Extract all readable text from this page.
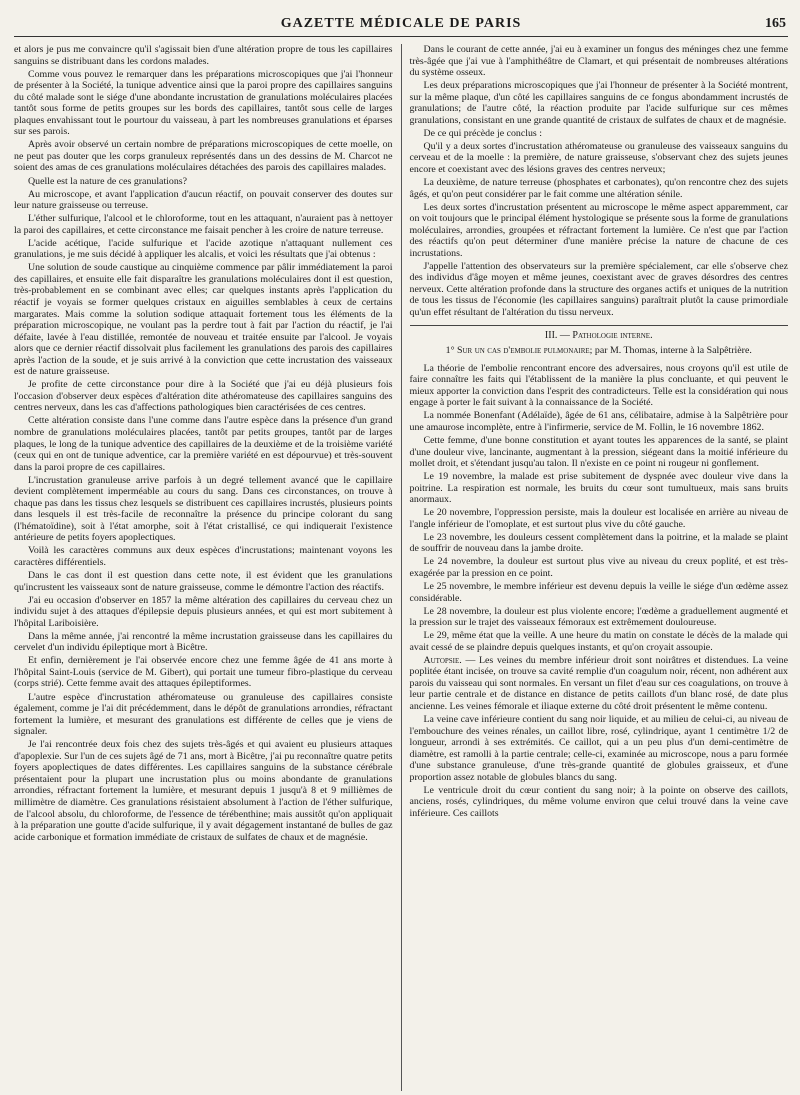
GAZETTE MÉDICALE DE PARIS	165

et alors je pus me convaincre qu'il s'agissait bien d'une altération propre de tous les capillaires sanguins se distribuant dans les cordons malades.

Comme vous pouvez le remarquer dans les préparations microscopiques que j'ai l'honneur de présenter à la Société, la tunique adventice ainsi que la paroi propre des capillaires sanguins du côté malade sont le siége d'une abondante incrustation de granulations moléculaires placées tantôt sous forme de petits groupes sur les bords des capillaires, tantôt sous celle de larges plaques envahissant tout le pourtour du vaisseau, à part les nombreuses granulations et éparses sur ses parois.

Après avoir observé un certain nombre de préparations microscopiques de cette moelle, on ne peut pas douter que les corps granuleux représentés dans un des dessins de M. Charcot ne soient des amas de ces granulations moléculaires détachées des parois des capillaires malades.

Quelle est la nature de ces granulations?

Au microscope, et avant l'application d'aucun réactif, on pouvait conserver des doutes sur leur nature graisseuse ou terreuse.

L'éther sulfurique, l'alcool et le chloroforme, tout en les attaquant, n'auraient pas à nettoyer la paroi des capillaires, et cette circonstance me faisait pencher à les croire de nature terreuse.

L'acide acétique, l'acide sulfurique et l'acide azotique n'attaquant nullement ces granulations, je me suis décidé à appliquer les alcalis, et voici les résultats que j'ai obtenus :

Une solution de soude caustique au cinquième commence par pâlir immédiatement la paroi des capillaires, et ensuite elle fait disparaître les granulations moléculaires dont il est question, très-probablement en se combinant avec elles; car quelques instants après l'application du réactif je voyais se former quelques cristaux en aiguilles semblables à ceux de certains margarates. Mais comme la solution sodique attaquait fortement tous les éléments de la préparation microscopique, ne voulant pas la perdre tout à fait par l'action du réactif, je l'ai défaite, lavée à l'eau distillée, remontée de nouveau et traitée ensuite par l'alcool. Je voyais alors que ce dernier réactif dissolvait plus facilement les granulations des parois des capillaires après l'action de la soude, et je suis arrivé à la conviction que cette incrustation des vaisseaux est de nature graisseuse.

Je profite de cette circonstance pour dire à la Société que j'ai eu déjà plusieurs fois l'occasion d'observer deux espèces d'altération dite athéromateuse des capillaires sanguins des centres nerveux, dans les cas d'affections pathologiques bien caractérisées de ces centres.

Cette altération consiste dans l'une comme dans l'autre espèce dans la présence d'un grand nombre de granulations moléculaires placées, tantôt par petits groupes, tantôt par de larges plaques, le long de la tunique adventice des capillaires de la deuxième et de la troisième variété (ceux qui en ont de tunique adventice, car la première variété en est dépourvue) et très-souvent dans la paroi propre de ces capillaires.

L'incrustation granuleuse arrive parfois à un degré tellement avancé que le capillaire devient complètement imperméable au cours du sang. Dans ces circonstances, on trouve à chaque pas dans les tissus chez lesquels se distribuent ces capillaires incrustés, plusieurs points dans lesquels il est très-facile de reconnaître la présence du principe colorant du sang (l'hématoïdine), soit à l'état amorphe, soit à l'état cristallisé, ce qui indiquerait l'existence antérieure de petits foyers apoplectiques.

Voilà les caractères communs aux deux espèces d'incrustations; maintenant voyons les caractères différentiels.

Dans le cas dont il est question dans cette note, il est évident que les granulations qu'incrustent les vaisseaux sont de nature graisseuse, comme le démontre l'action des réactifs.

J'ai eu occasion d'observer en 1857 la même altération des capillaires du cerveau chez un individu sujet à des attaques d'épilepsie depuis plusieurs années, et qui est mort subitement à l'hôpital Lariboisière.

Dans la même année, j'ai rencontré la même incrustation graisseuse dans les capillaires du cervelet d'un individu épileptique mort à Bicêtre.

Et enfin, dernièrement je l'ai observée encore chez une femme âgée de 41 ans morte à l'hôpital Saint-Louis (service de M. Gibert), qui portait une tumeur fibro-plastique du cerveau (corps strié). Cette femme avait des attaques épileptiformes.

L'autre espèce d'incrustation athéromateuse ou granuleuse des capillaires consiste également, comme je l'ai dit précédemment, dans le dépôt de granulations arrondies, réfractant fortement la lumière, et mesurant des granulations est différente de celles que je viens de signaler.

Je l'ai rencontrée deux fois chez des sujets très-âgés et qui avaient eu plusieurs attaques d'apoplexie. Sur l'un de ces sujets âgé de 71 ans, mort à Bicêtre, j'ai pu reconnaître quatre petits foyers apoplectiques de dates différentes. Les capillaires sanguins de la substance cérébrale présentaient pour la plupart une incrustation plus ou moins abondante de granulations arrondies, réfractant fortement la lumière, et mesurant depuis 1 jusqu'à 8 et 9 millièmes de millimètre de diamètre. Ces granulations résistaient absolument à l'action de l'éther sulfurique, de l'alcool absolu, du chloroforme, de l'essence de térébenthine; mais aussitôt qu'on appliquait à la préparation une goutte d'acide sulfurique, il y avait dégagement instantané de bulles de gaz acide carbonique et formation immédiate de cristaux de sulfates de chaux et de magnésie.

Dans le courant de cette année, j'ai eu à examiner un fongus des méninges chez une femme très-âgée que j'ai vue à l'amphithéâtre de Clamart, et qui présentait de nombreuses altérations du système osseux.

Les deux préparations microscopiques que j'ai l'honneur de présenter à la Société montrent, sur la même plaque, d'un côté les capillaires sanguins de ce fongus abondamment incrustés de granulations; de l'autre côté, la réaction produite par l'acide sulfurique sur ces mêmes granulations, consistant en une grande quantité de cristaux de sulfates de chaux et de magnésie.

De ce qui précède je conclus :

Qu'il y a deux sortes d'incrustation athéromateuse ou granuleuse des vaisseaux sanguins du cerveau et de la moelle : la première, de nature graisseuse, s'observant chez des sujets jeunes encore et coexistant avec des lésions graves des centres nerveux;

La deuxième, de nature terreuse (phosphates et carbonates), qu'on rencontre chez des sujets âgés, et qu'on peut considérer par le fait comme une altération sénile.

Les deux sortes d'incrustation présentent au microscope le même aspect apparemment, car on voit toujours que le principal élément hystologique se présente sous la forme de granulations moléculaires, arrondies, groupées et réfractant fortement la lumière. Ce n'est que par l'action des réactifs qu'on peut déterminer d'une manière précise la nature de chacune de ces incrustations.

J'appelle l'attention des observateurs sur la première spécialement, car elle s'observe chez des individus d'âge moyen et même jeunes, coexistant avec de graves désordres des centres nerveux. Cette altération profonde dans la structure des organes actifs et uniques de la nutrition de tous les tissus de l'économie (les capillaires sanguins) paraîtrait plutôt la cause primordiale qu'un effet résultant de l'altération du tissu nerveux.

III. — Pathologie interne.
1° Sur un cas d'embolie pulmonaire; par M. Thomas, interne à la Salpêtrière.

La théorie de l'embolie rencontrant encore des adversaires, nous croyons qu'il est utile de faire connaître les faits qui l'établissent de la manière la plus concluante, et qui peuvent le mieux apporter la conviction dans l'esprit des contradicteurs. Telle est la considération qui nous engage à porter le fait suivant à la connaissance de la Société.

La nommée Bonenfant (Adélaïde), âgée de 61 ans, célibataire, admise à la Salpêtrière pour une amaurose incomplète, entre à l'infirmerie, service de M. Follin, le 16 novembre 1862.

Cette femme, d'une bonne constitution et ayant toutes les apparences de la santé, se plaint d'une douleur vive, lancinante, augmentant à la pression, siégeant dans la moitié inférieure du mollet droit, et s'étendant jusqu'au talon. Il n'existe en ce point ni rougeur ni gonflement.

Le 19 novembre, la malade est prise subitement de dyspnée avec douleur vive dans la poitrine. La respiration est normale, les bruits du cœur sont tumultueux, mais sans bruits anormaux.

Le 20 novembre, l'oppression persiste, mais la douleur est localisée en arrière au niveau de l'angle inférieur de l'omoplate, et est surtout plus vive du côté gauche.

Le 23 novembre, les douleurs cessent complètement dans la poitrine, et la malade se plaint de souffrir de nouveau dans la jambe droite.

Le 24 novembre, la douleur est surtout plus vive au niveau du creux poplité, et est très-exagérée par la pression en ce point.

Le 25 novembre, le membre inférieur est devenu depuis la veille le siége d'un œdème assez considérable.

Le 28 novembre, la douleur est plus violente encore; l'œdème a graduellement augmenté et la pression sur le trajet des vaisseaux fémoraux est extrêmement douloureuse.

Le 29, même état que la veille. A une heure du matin on constate le décès de la malade qui avait cessé de se plaindre depuis quelques instants, et qu'on croyait assoupie.

Autopsie. — Les veines du membre inférieur droit sont noirâtres et distendues. La veine poplitée étant incisée, on trouve sa cavité remplie d'un coagulum noir, récent, non adhérent aux parois du vaisseau qui sont normales. En versant un filet d'eau sur ces coagulations, on trouve à leur partie centrale et de distance en distance de petits caillots d'un blanc rosé, de date plus ancienne. Les veines fémorale et iliaque externe du côté droit présentent le même contenu.

La veine cave inférieure contient du sang noir liquide, et au milieu de celui-ci, au niveau de l'embouchure des veines rénales, un caillot libre, rosé, cylindrique, ayant 1 centimètre 1/2 de longueur, arrondi à ses extrémités. Ce caillot, qui a un peu plus d'un demi-centimètre de diamètre, est ramolli à la partie centrale; celle-ci, examinée au microscope, nous a paru formée d'une substance granuleuse, d'une très-grande quantité de globules graisseux, et d'une proportion assez notable de globules blancs du sang.

Le ventricule droit du cœur contient du sang noir; à la pointe on observe des caillots, anciens, rosés, cylindriques, du même volume environ que celui trouvé dans la veine cave inférieure. Ces caillots
